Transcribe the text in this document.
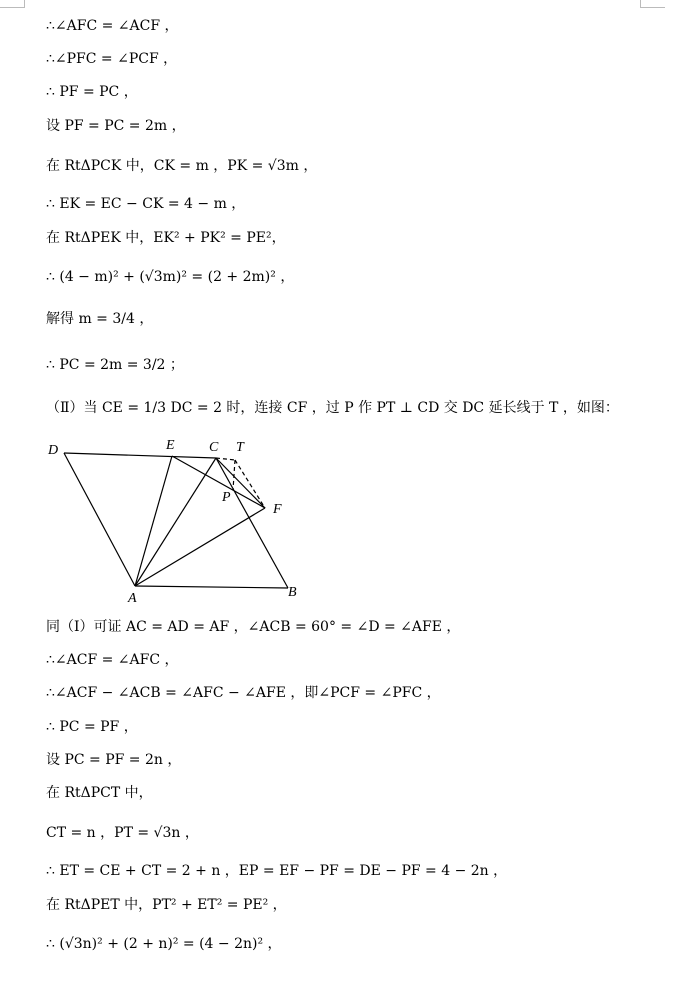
∴∠AFC = ∠ACF ，
∴∠PFC = ∠PCF ，
∴ PF = PC ，
设 PF = PC = 2m ，
在 RtΔPCK 中，CK = m ，PK = √3m ，
∴ EK = EC − CK = 4 − m ，
在 RtΔPEK 中，EK² + PK² = PE²，
∴ (4 − m)² + (√3m)² = (2 + 2m)² ，
解得 m = 3/4 ，
∴ PC = 2m = 3/2 ；
（Ⅱ）当 CE = 1/3 DC = 2 时，连接 CF ，过 P 作 PT ⊥ CD 交 DC 延长线于 T ，如图：
D	E C T
P
F
A	B
同（Ⅰ）可证 AC = AD = AF ，∠ACB = 60° = ∠D = ∠AFE ，
∴∠ACF = ∠AFC ，
∴∠ACF − ∠ACB = ∠AFC − ∠AFE ，即∠PCF = ∠PFC ，
∴ PC = PF ，
设 PC = PF = 2n ，
在 RtΔPCT 中，
CT = n ，PT = √3n ，
∴ ET = CE + CT = 2 + n ，EP = EF − PF = DE − PF = 4 − 2n ，
在 RtΔPET 中，PT² + ET² = PE² ，
∴ (√3n)² + (2 + n)² = (4 − 2n)² ，
